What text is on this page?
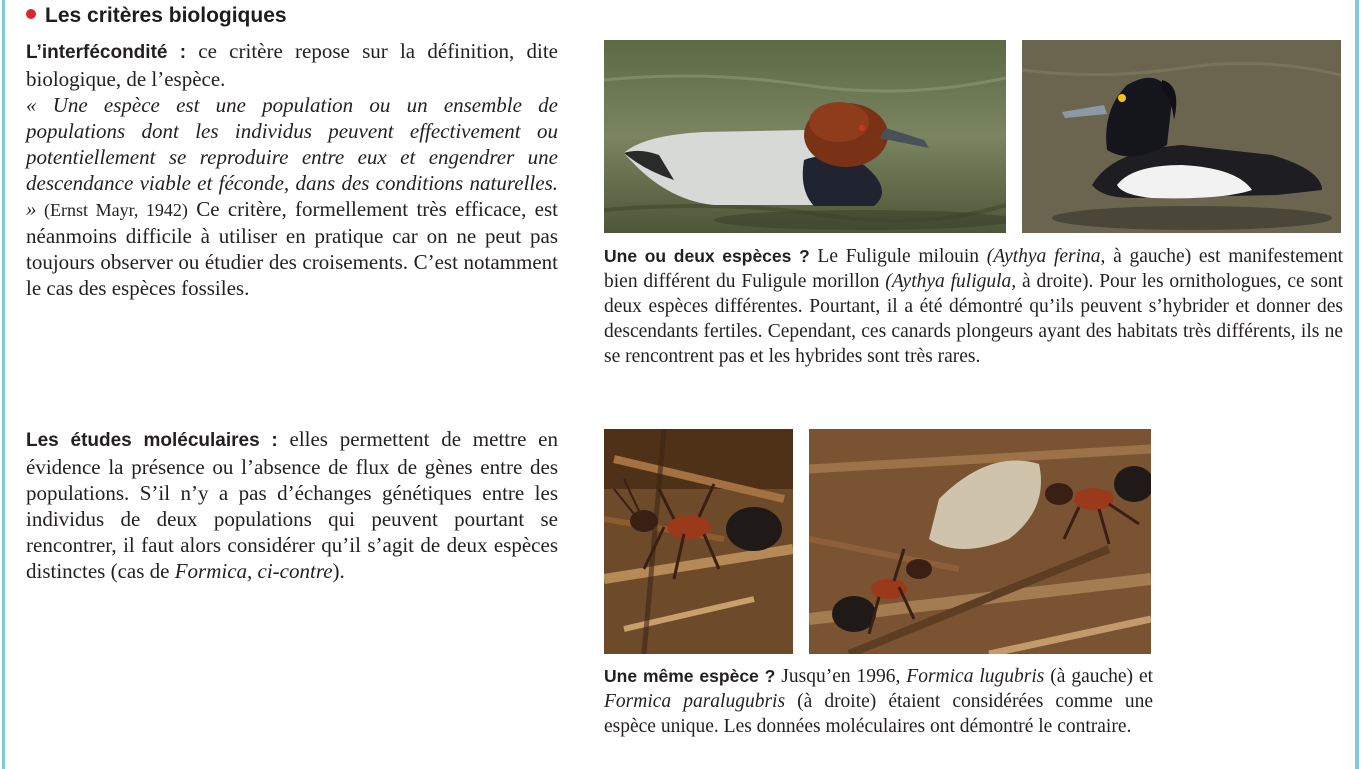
Les critères biologiques
L’interfécondité : ce critère repose sur la définition, dite biologique, de l’espèce.
« Une espèce est une population ou un ensemble de populations dont les individus peuvent effectivement ou potentiellement se reproduire entre eux et engendrer une descendance viable et féconde, dans des conditions naturelles. » (Ernst Mayr, 1942) Ce critère, formellement très efficace, est néanmoins difficile à utiliser en pratique car on ne peut pas toujours observer ou étudier des croisements. C’est notamment le cas des espèces fossiles.
Une ou deux espèces ? Le Fuligule milouin (Aythya ferina, à gauche) est manifestement bien différent du Fuligule morillon (Aythya fuligula, à droite). Pour les ornithologues, ce sont deux espèces différentes. Pourtant, il a été démontré qu’ils peuvent s’hybrider et donner des descendants fertiles. Cependant, ces canards plongeurs ayant des habitats très différents, ils ne se rencontrent pas et les hybrides sont très rares.
Les études moléculaires : elles permettent de mettre en évidence la présence ou l’absence de flux de gènes entre des populations. S’il n’y a pas d’échanges génétiques entre les individus de deux populations qui peuvent pourtant se rencontrer, il faut alors considérer qu’il s’agit de deux espèces distinctes (cas de Formica, ci-contre).
Une même espèce ? Jusqu’en 1996, Formica lugubris (à gauche) et Formica paralugubris (à droite) étaient considérées comme une espèce unique. Les données moléculaires ont démontré le contraire.
